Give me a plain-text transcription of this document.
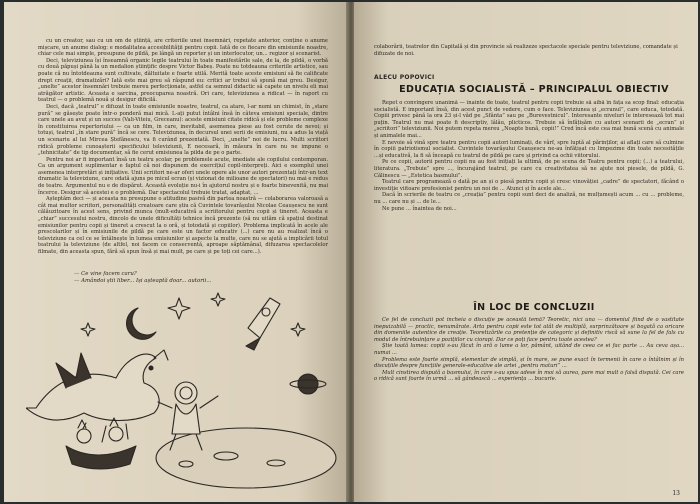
cu un creator, sau cu un om de știință, are criteriile unei însemnări, repetate anterior, conține o anume mișcare, un anume dialog: e modalitatea accesibilității pentru copii. Iată de ce fiecare din emisiunile noastre, chiar cele mai simple, presupune de pildă, pe lângă un reporter și un interlocutor, un... regizor și scenarist.

Deci, televiziunea își înseamnă organic legile teatrului în toate manifestările sale, de la, de pildă, o vorbă cu două păpuși până la un medalion științific despre Victor Babeș. Poate nu totdeauna criteriile artistice, sau poate că nu întotdeauna sunt cultivate, dăltuitate e foarte utilă. Merită toate aceste emisiuni să fie calificate drept creații, dramatizări? Iată este mai greu să răspund eu: critici ar trebui să spună mai greu. Desigur, „unelte” acestor însemnări trebuie mereu perfecționate, astfel ca semnul didactic să capete un nivelu eli mai atrăgător artistic. Aceasta e sarcina, preocuparea noastră. Ori care, televiziunea a ridicat — în raport cu teatrul — o problemă nouă și desigur dificilă.

Deci, dacă „teatrul” e difuzat în toate emisiunile noastre, teatrul, ca atare, l-ar numi un chimist, în „stare pură” se găsește poate într-o ponderă mai mică. L-ați putut întâlni însă în câteva emisiuni speciale, dintre care unele au avut și un succes (Vali-Viteiu, Greceanu): aceste emisiuni citate ridică și ele probleme complexe în constituirea repertoriului — ca un film, in care, inevitabil, asemenea piese au fost cerute de nevoi; și totuși, teatrul „în stare pură” încă se cere. Televiziunea, în decursul unei serii de emisiuni, nu a adus la viață un scenariu al lui Mircea Ștefănescu, va fi curând prezentată. Deci, „unelte” noi de lucru. Multi scriitori ridică probleme cunoașterii specificului televiziunii, E necesară, în măsura în care nu ne impune o „tehnicitate” de tip documentar, să fie cerut emisiunea la pilda de pe o parte.

Pentru noi ar fi important însă un teatru școlar, pe problemele acute, imediate ale copilului contemporan. Ca un argument suplimentar e faptul că noi dispunem de exercițiul copil-interpreți. Aici e exemplul unei asemenea interpretări și inițiative. Unii scriitori ne-ar oferi unele opere ale unor autori prezentați într-un text dramatic la televiziune, care odată ajuns pe micul ecran (și vizionat de milioane de spectatori) nu mai e redus de teatre. Argumentul nu e de dispărut. Această evoluție nu-i în ajutorul nostru și e foarte binevenită, nu mai încerce. Desigur să acestei e o problemă. Dar spectacolul trebuie tratat, adaptat, ...

Așteptăm deci — și aceasta nu presupune o atitudine pasivă din partea noastră — colaborarea valoroasă a cât mai multor scriitori, personalități creatoare care știu că Cuvintele tovarășului Nicolae Ceaușescu ne sunt călăuzitoare în acest sens, privind munca (mult-educativă a scriitorului pentru copii și tineret. Aceasta e „chiar” succesului nostru, dincolo de unele dificultăți tehnice încă prezente (să nu uităm că spațiul destinat emisiunilor pentru copii și tineret a crescut la o oră, și totodată și copiilor). Problema implicată în acele ale prescolarilor și în emisiunile de pildă pe care este un factor educativ (...) care nu au realizat încă o televiziune ca cel ce se întâlnește în lumea emisiunilor și aspecte la multe, care nu se ajută a implicării totul teatrului la televiziune (de altfel, noi facem ce consecventă, aproape săptămânal, difuzarea spectacolelor filmate, din aceasta spun, fără să spun însă și mai mult, pe care și pe toți cei care...).

— Ce vine facem caru?
— Amândoi știi liber... Iși așteaptă doar... autorii...
colaborării, teatrelor din Capitală și din provincie să realizeze spectacole speciale pentru televiziune, comandate și difuzate de noi.
ALECU POPOVICI
EDUCAȚIA SOCIALISTĂ – PRINCIPALUL OBIECTIV

Repet o convingere unanimă — înainte de toate, teatrul pentru copii trebuie să aibă în fața sa scop final: educația socialistă. E important însă, din acest punct de vedere, cum o face. Televiziunea și „ecranul”, care educa, totodată. Copiii privesc până la ora 23 și-l văd pe „Sfânta” sau pe „Burevestnicul”. Interesante niveluri le interesează tot mai puțin. Teatrul nu mai poate fi descriptiv, lâlâu, plicticos. Trebuie să înfățișăm cu autori scenarii de „ecran” și „scriitori” televiziunii. Noi putem repeta mereu „Noapte bună, copii!” Cred încă este cea mai bună scenă cu animale și animalele mai...

E nevoie să vină spre teatru pentru copii autori luminați, de vârf, spre luptă al părinților, ai aflați care să culmine în copiii patriotismul socialist. Cuvintele tovarășului Ceaușescu ne-au înfățișat cu limpezime din toate necesitățile ...și educativă, la fi să înceapă cu teatrul de pildă pe care și privind ca ochii viitorului.

Pe ce copii, autorii pentru copii nu au fost inițiați la ultimă, de pe scena de Teatru pentru copii; (...) a teatrului, literatura. „Trebuie” spre ..., încurajând teatrul, pe care cu creativitatea să ne ajute noi piesele, de pildă, G. Călinescu — „Estetica basmului”.

Teatrul care programează o dată pe an și o piesă pentru copii și cresc vinovăției „cadre” de spectatori, făcând o investiție viitoare profesionist pentru un noi de ... Atunci și în acele ale...

Dacă în scrierile de teatru ce „creația” pentru copii sunt deci de analiză, ne mulțumești acum ... cu ... probleme, nu ... care nu și ... de le...

Ne pune ... înaintea de noi...

ÎN LOC DE CONCLUZII

Ce fel de concluzii pot încheia o discuție pe această temă? Teoretic, nici una — domeniul fiind de o vastitate inepuizabilă — practic, nenumărate. Arta pentru copii este tot atât de multiplă, surprinzătoare și bogată ca oricare din domeniile autentice de creație. Teoretizările ca pretenție de categoric și definitiv riscă să sune la fel de fals cu modul de întrebuințare a pozițiilor cu ciorapi. Dar ce poți face pentru toate acestea?

Știe toată lumea: copiii s-au făcut în ară o lume a lor, pământ, uitând de ceea ce ei fac parte ... Au ceva așa... numai ...

Problema este foarte simplă, elementar de simplă, și în mare, se pune exact în termenii în care o întâlnim și în discuțiile despre funcțiile generale-educative ale artei „pentru maturi” ...

Mult cinstirea dispută a basmului, în care s-au spus adese în moi să aurea, pare mai mult o falsă dispută. Cei care o ridică sunt foarte în urmă ... să gândească ... experiența ... bucurie.

13
